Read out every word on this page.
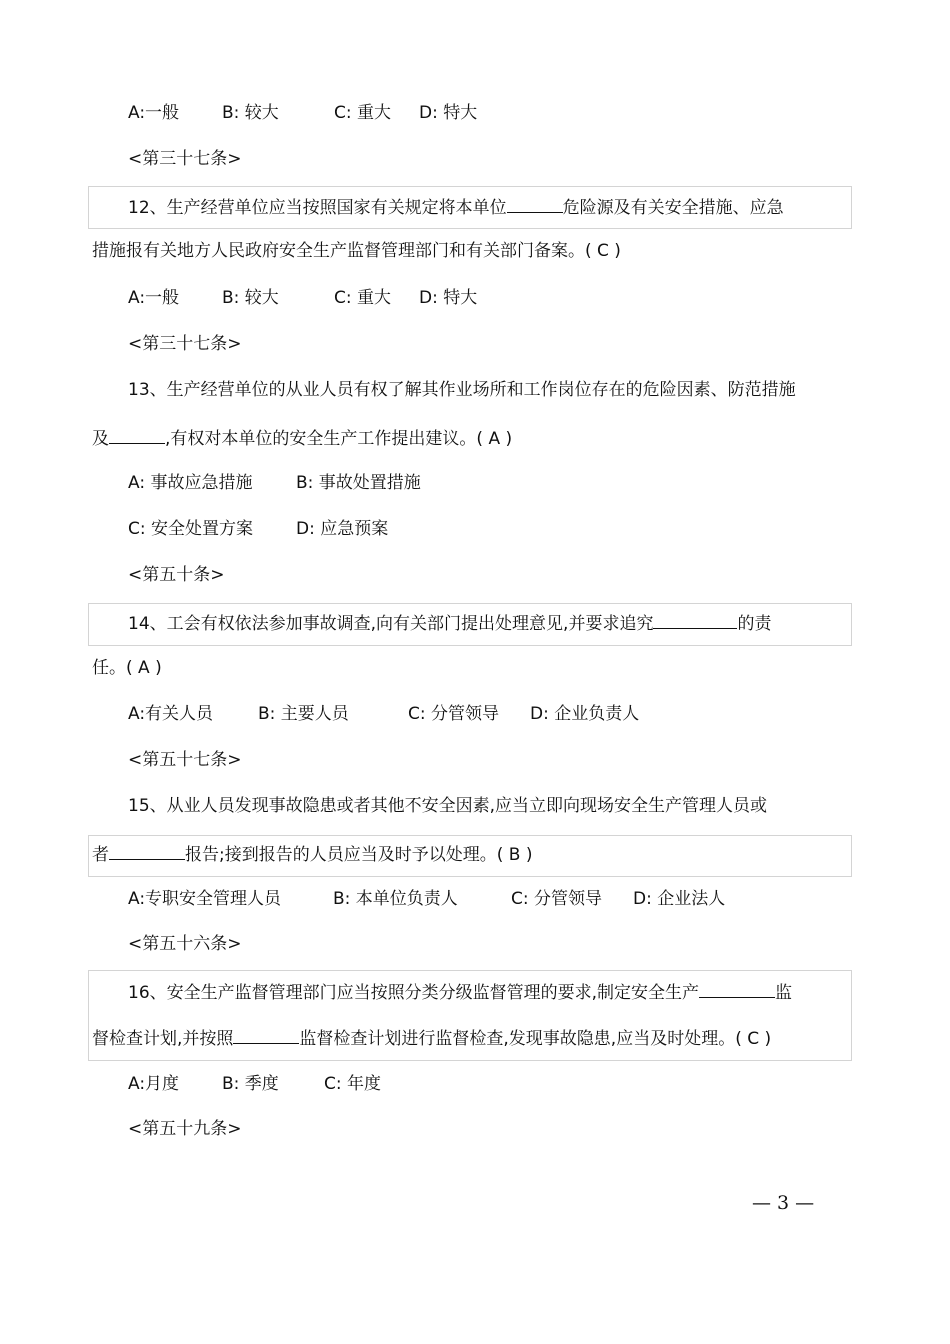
A:一般	B: 较大	C: 重大 D: 特大
<第三十七条>
12、生产经营单位应当按照国家有关规定将本单位	危险源及有关安全措施、应急
措施报有关地方人民政府安全生产监督管理部门和有关部门备案。( C )
A:一般	B: 较大	C: 重大 D: 特大
<第三十七条>
13、生产经营单位的从业人员有权了解其作业场所和工作岗位存在的危险因素、防范措施
及	,有权对本单位的安全生产工作提出建议。( A )
A: 事故应急措施	B: 事故处置措施
C: 安全处置方案	D: 应急预案
<第五十条>
14、工会有权依法参加事故调查,向有关部门提出处理意见,并要求追究	的责
任。( A )
A:有关人员	B: 主要人员	C: 分管领导 D: 企业负责人
<第五十七条>
15、从业人员发现事故隐患或者其他不安全因素,应当立即向现场安全生产管理人员或
者	报告;接到报告的人员应当及时予以处理。( B )
A:专职安全管理人员	B: 本单位负责人	C: 分管领导 D: 企业法人
<第五十六条>
16、安全生产监督管理部门应当按照分类分级监督管理的要求,制定安全生产	监
督检查计划,并按照	监督检查计划进行监督检查,发现事故隐患,应当及时处理。( C )
A:月度	B: 季度	C: 年度
<第五十九条>
— 3 —
